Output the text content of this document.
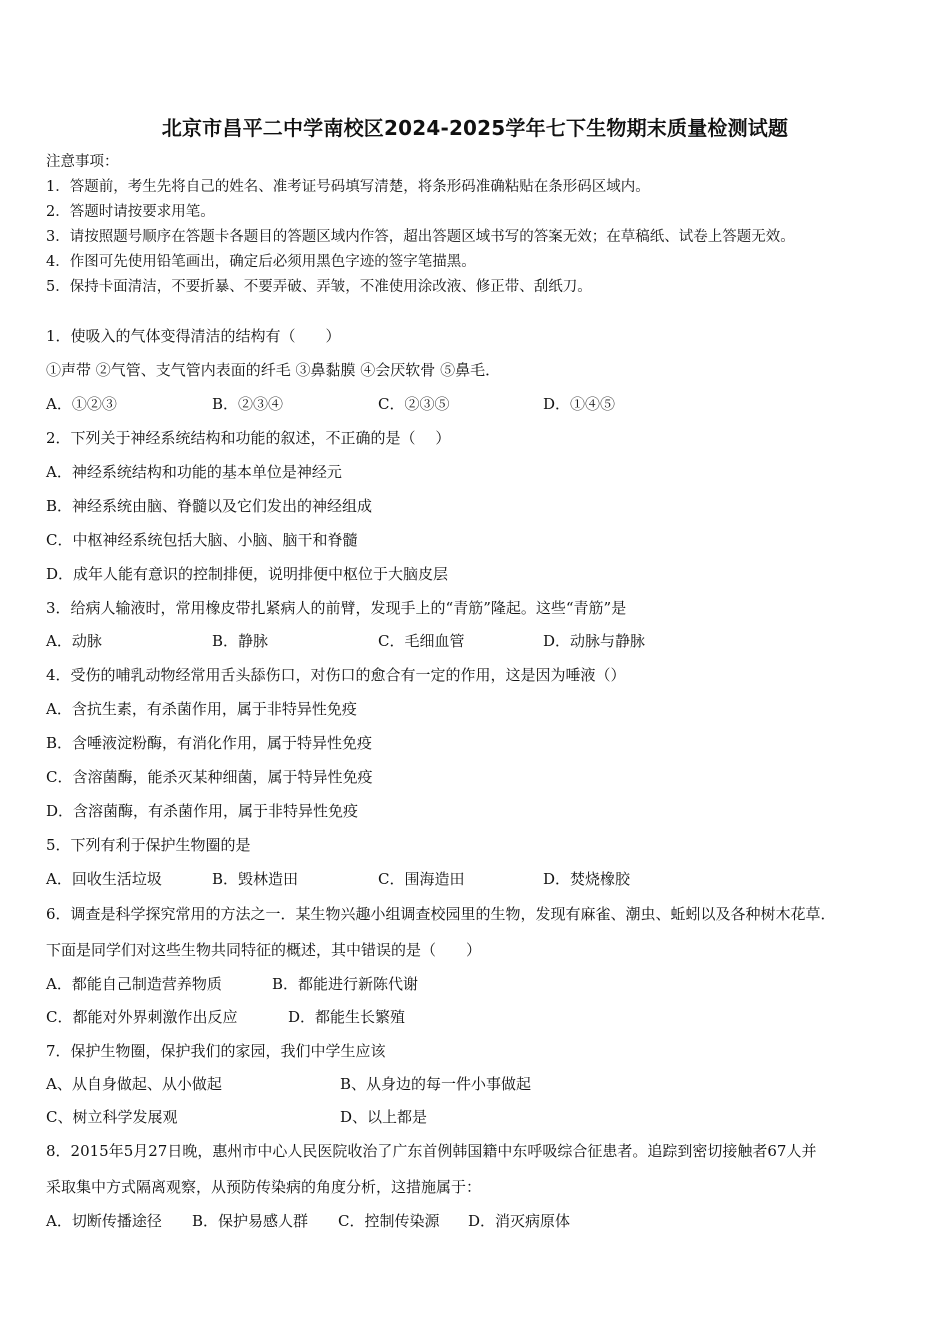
北京市昌平二中学南校区2024-2025学年七下生物期末质量检测试题
注意事项：
1．答题前，考生先将自己的姓名、准考证号码填写清楚，将条形码准确粘贴在条形码区域内。
2．答题时请按要求用笔。
3．请按照题号顺序在答题卡各题目的答题区域内作答，超出答题区域书写的答案无效；在草稿纸、试卷上答题无效。
4．作图可先使用铅笔画出，确定后必须用黑色字迹的签字笔描黑。
5．保持卡面清洁，不要折暴、不要弄破、弄皱，不准使用涂改液、修正带、刮纸刀。
1．使吸入的气体变得清洁的结构有（　　）
①声带 ②气管、支气管内表面的纤毛 ③鼻黏膜 ④会厌软骨 ⑤鼻毛．
A．①②③	B．②③④	C．②③⑤	D．①④⑤
2．下列关于神经系统结构和功能的叙述，不正确的是（　 ）
A．神经系统结构和功能的基本单位是神经元
B．神经系统由脑、脊髓以及它们发出的神经组成
C．中枢神经系统包括大脑、小脑、脑干和脊髓
D．成年人能有意识的控制排便，说明排便中枢位于大脑皮层
3．给病人输液时，常用橡皮带扎紧病人的前臂，发现手上的“青筋”隆起。这些“青筋”是
A．动脉	B．静脉	C．毛细血管	D．动脉与静脉
4．受伤的哺乳动物经常用舌头舔伤口，对伤口的愈合有一定的作用，这是因为唾液（）
A．含抗生素，有杀菌作用，属于非特异性免疫
B．含唾液淀粉酶，有消化作用，属于特异性免疫
C．含溶菌酶，能杀灭某种细菌，属于特异性免疫
D．含溶菌酶，有杀菌作用，属于非特异性免疫
5．下列有利于保护生物圈的是
A．回收生活垃圾	B．毁林造田	C．围海造田	D．焚烧橡胶
6．调查是科学探究常用的方法之一．某生物兴趣小组调查校园里的生物，发现有麻雀、潮虫、蚯蚓以及各种树木花草．
下面是同学们对这些生物共同特征的概述，其中错误的是（　　）
A．都能自己制造营养物质	B．都能进行新陈代谢
C．都能对外界刺激作出反应	D．都能生长繁殖
7．保护生物圈，保护我们的家园，我们中学生应该
A、从自身做起、从小做起	B、从身边的每一件小事做起
C、树立科学发展观	D、以上都是
8．2015年5月27日晚，惠州市中心人民医院收治了广东首例韩国籍中东呼吸综合征患者。追踪到密切接触者67人并
采取集中方式隔离观察，从预防传染病的角度分析，这措施属于：
A．切断传播途径 B．保护易感人群 C．控制传染源 D．消灭病原体
